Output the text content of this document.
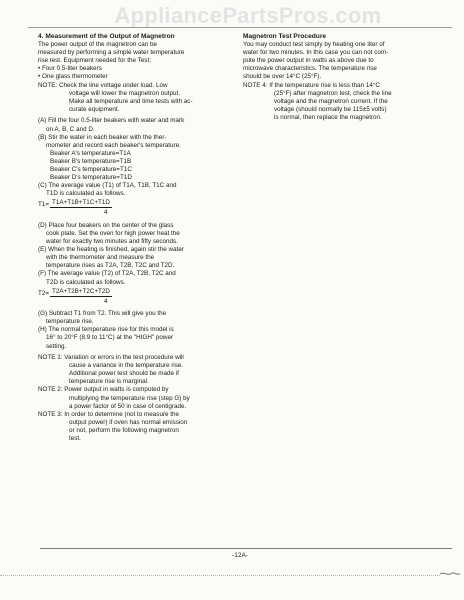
AppliancePartsPros.com
4. Measurement of the Output of Magnetron
The power output of the magnetron can be
measured by performing a simple water temperature
rise test. Equipment needed for the Test;
• Four 0.5-liter beakers
• One glass thermometer
NOTE: Check the line voltage under load. Low
voltage will lower the magnetron output.
Make all temperature and time tests with ac-
curate equipment.
(A) Fill the four 0.5-liter beakers with water and mark
on A, B, C and D.
(B) Stir the water in each beaker with the ther-
mometer and record each beaker's temperature.
Beaker A's temperature=T1A
Beaker B's temperature=T1B
Beaker C's temperature=T1C
Beaker D's temperature=T1D
(C) The average value (T1) of T1A, T1B, T1C and
T1D is calculated as follows.
T1= T1A+T1B+T1C+T1D
4
(D) Place four beakers on the center of the glass
cook plate. Set the oven for high power heat the
water for exactly two minutes and fifty seconds.
(E) When the heating is finished, again stir the water
with the thermometer and measure the
temperature rises as T2A, T2B, T2C and T2D.
(F) The average value (T2) of T2A, T2B, T2C and
T2D is calculated as follows.
T2= T2A+T2B+T2C+T2D
4
(G) Subtract T1 from T2. This will give you the
temperature rise.
(H) The normal temperature rise for this model is
16° to 20°F (8.9 to 11°C) at the "HIGH" power
setting.
NOTE 1: Variation or errors in the test procedure will
cause a variance in the temperature rise.
Additional power test should be made if
temperature rise is marginal.
NOTE 2: Power output in watts is computed by
multiplying the temperature rise (step G) by
a power factor of 50 in case of centigrade.
NOTE 3: In order to determine (not to measure the
output power) if oven has normal emission
or not, perform the following magnetron
test.
Magnetron Test Procedure
You may conduct test simply by heating one liter of
water for two minutes. In this case you can not com-
pute the power output in watts as above due to
microwave characteristics. The temperature rise
should be over 14°C (25°F).
NOTE 4: If the temperature rise is less than 14°C
(25°F) after magnetron test, check the line
voltage and the magnetron current. If the
voltage (should normally be 115±5 volts)
is normal, then replace the magnetron.
-12A-
